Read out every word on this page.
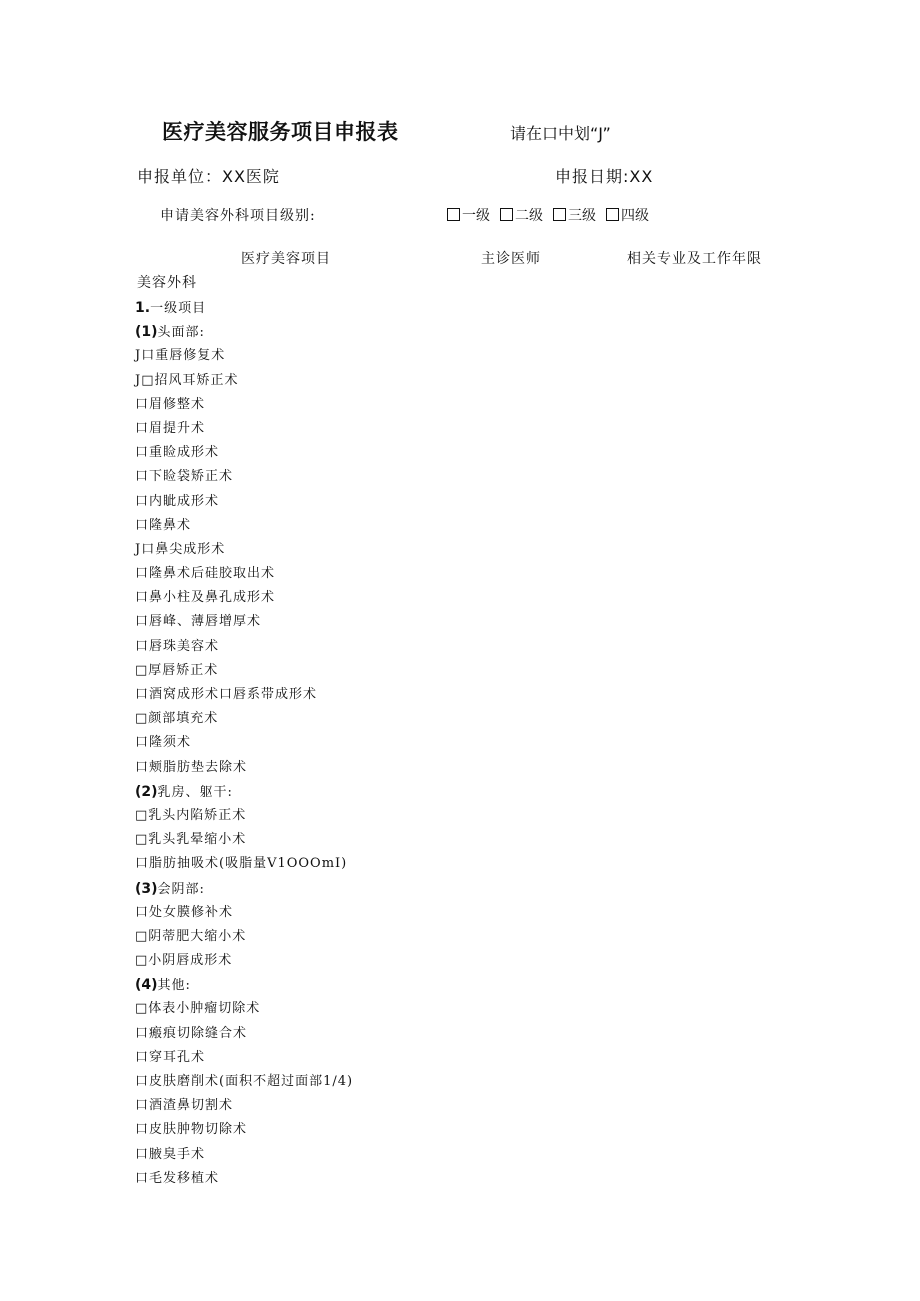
医疗美容服务项目申报表	请在口中划“J”
申报单位：XX医院	申报日期:XX
申请美容外科项目级别:	一级	二级	三级	四级
医疗美容项目	主诊医师	相关专业及工作年限
美容外科
1.一级项目
(1)头面部:
J口重唇修复术
J□招风耳矫正术
口眉修整术
口眉提升术
口重睑成形术
口下睑袋矫正术
口内眦成形术
口隆鼻术
J口鼻尖成形术
口隆鼻术后硅胶取出术
口鼻小柱及鼻孔成形术
口唇峰、薄唇增厚术
口唇珠美容术
□厚唇矫正术
口酒窝成形术口唇系带成形术
□颜部填充术
口隆须术
口颊脂肪垫去除术
(2)乳房、躯干:
□乳头内陷矫正术
□乳头乳晕缩小术
口脂肪抽吸术(吸脂量V1OOOmI)
(3)会阴部:
口处女膜修补术
□阴蒂肥大缩小术
□小阴唇成形术
(4)其他:
□体表小肿瘤切除术
口瘢痕切除缝合术
口穿耳孔术
口皮肤磨削术(面积不超过面部1/4)
口酒渣鼻切割术
口皮肤肿物切除术
口腋臭手术
口毛发移植术
